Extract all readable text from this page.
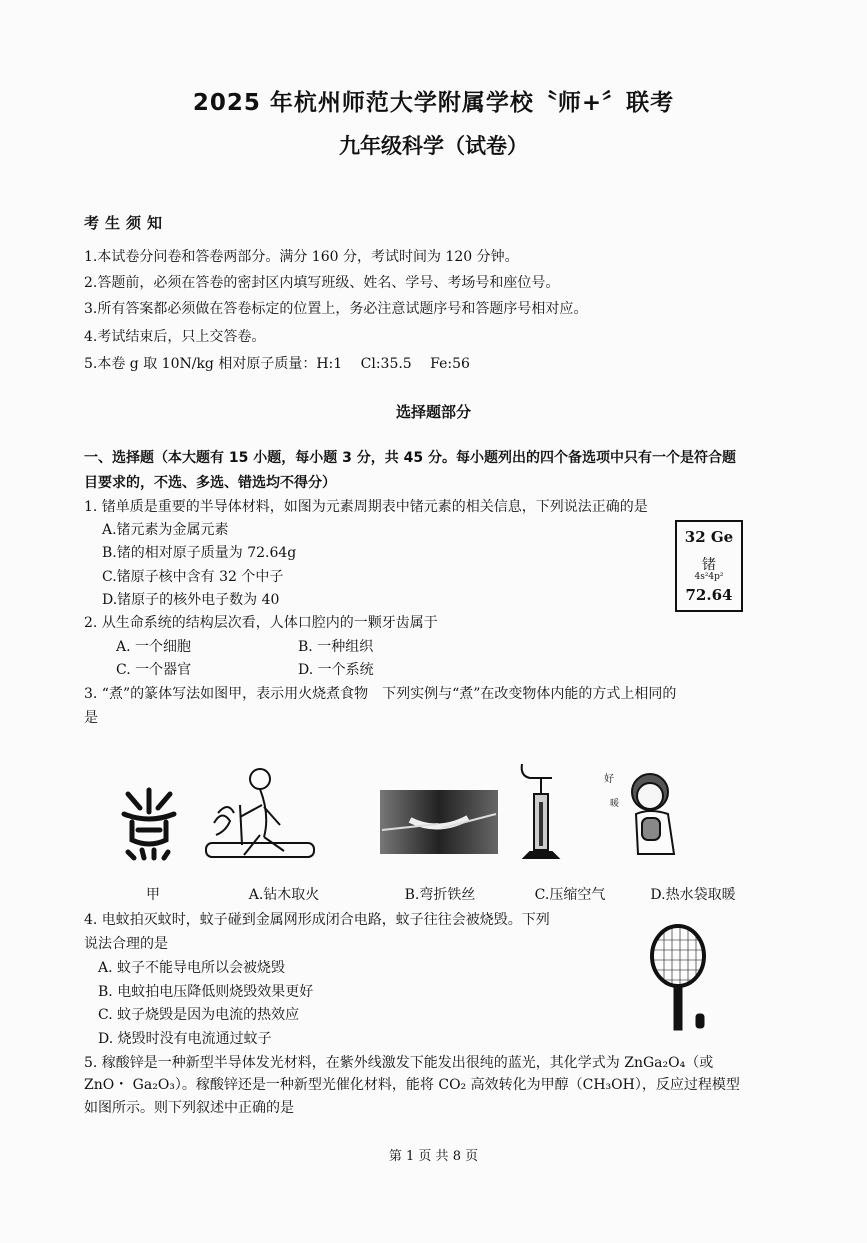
2025 年杭州师范大学附属学校〝师+〞联考
九年级科学（试卷）
考生须知
1.本试卷分问卷和答卷两部分。满分 160 分，考试时间为 120 分钟。
2.答题前，必须在答卷的密封区内填写班级、姓名、学号、考场号和座位号。
3.所有答案都必须做在答卷标定的位置上，务必注意试题序号和答题序号相对应。
4.考试结束后，只上交答卷。
5.本卷 g 取 10N/kg 相对原子质量：H:1　 Cl:35.5　 Fe:56
选择题部分
一、选择题（本大题有 15 小题，每小题 3 分，共 45 分。每小题列出的四个备选项中只有一个是符合题
目要求的，不选、多选、错选均不得分）
1. 锗单质是重要的半导体材料，如图为元素周期表中锗元素的相关信息，下列说法正确的是
A.锗元素为金属元素
B.锗的相对原子质量为 72.64g
C.锗原子核中含有 32 个中子
D.锗原子的核外电子数为 40
32 Ge
锗
4s²4p²
72.64
2. 从生命系统的结构层次看，人体口腔内的一颗牙齿属于
A. 一个细胞	B. 一种组织
C. 一个器官	D. 一个系统
3. “煮”的篆体写法如图甲，表示用火烧煮食物　下列实例与“煮”在改变物体内能的方式上相同的
是
好
暖
甲	A.钻木取火	B.弯折铁丝	C.压缩空气	D.热水袋取暖
4. 电蚊拍灭蚊时，蚊子碰到金属网形成闭合电路，蚊子往往会被烧毁。下列
说法合理的是
A. 蚊子不能导电所以会被烧毁
B. 电蚊拍电压降低则烧毁效果更好
C. 蚊子烧毁是因为电流的热效应
D. 烧毁时没有电流通过蚊子
5. 稼酸锌是一种新型半导体发光材料，在紫外线激发下能发出很纯的蓝光，其化学式为 ZnGa₂O₄（或
ZnO・ Ga₂O₃）。稼酸锌还是一种新型光催化材料，能将 CO₂ 高效转化为甲醇（CH₃OH），反应过程模型
如图所示。则下列叙述中正确的是
第 1 页 共 8 页
